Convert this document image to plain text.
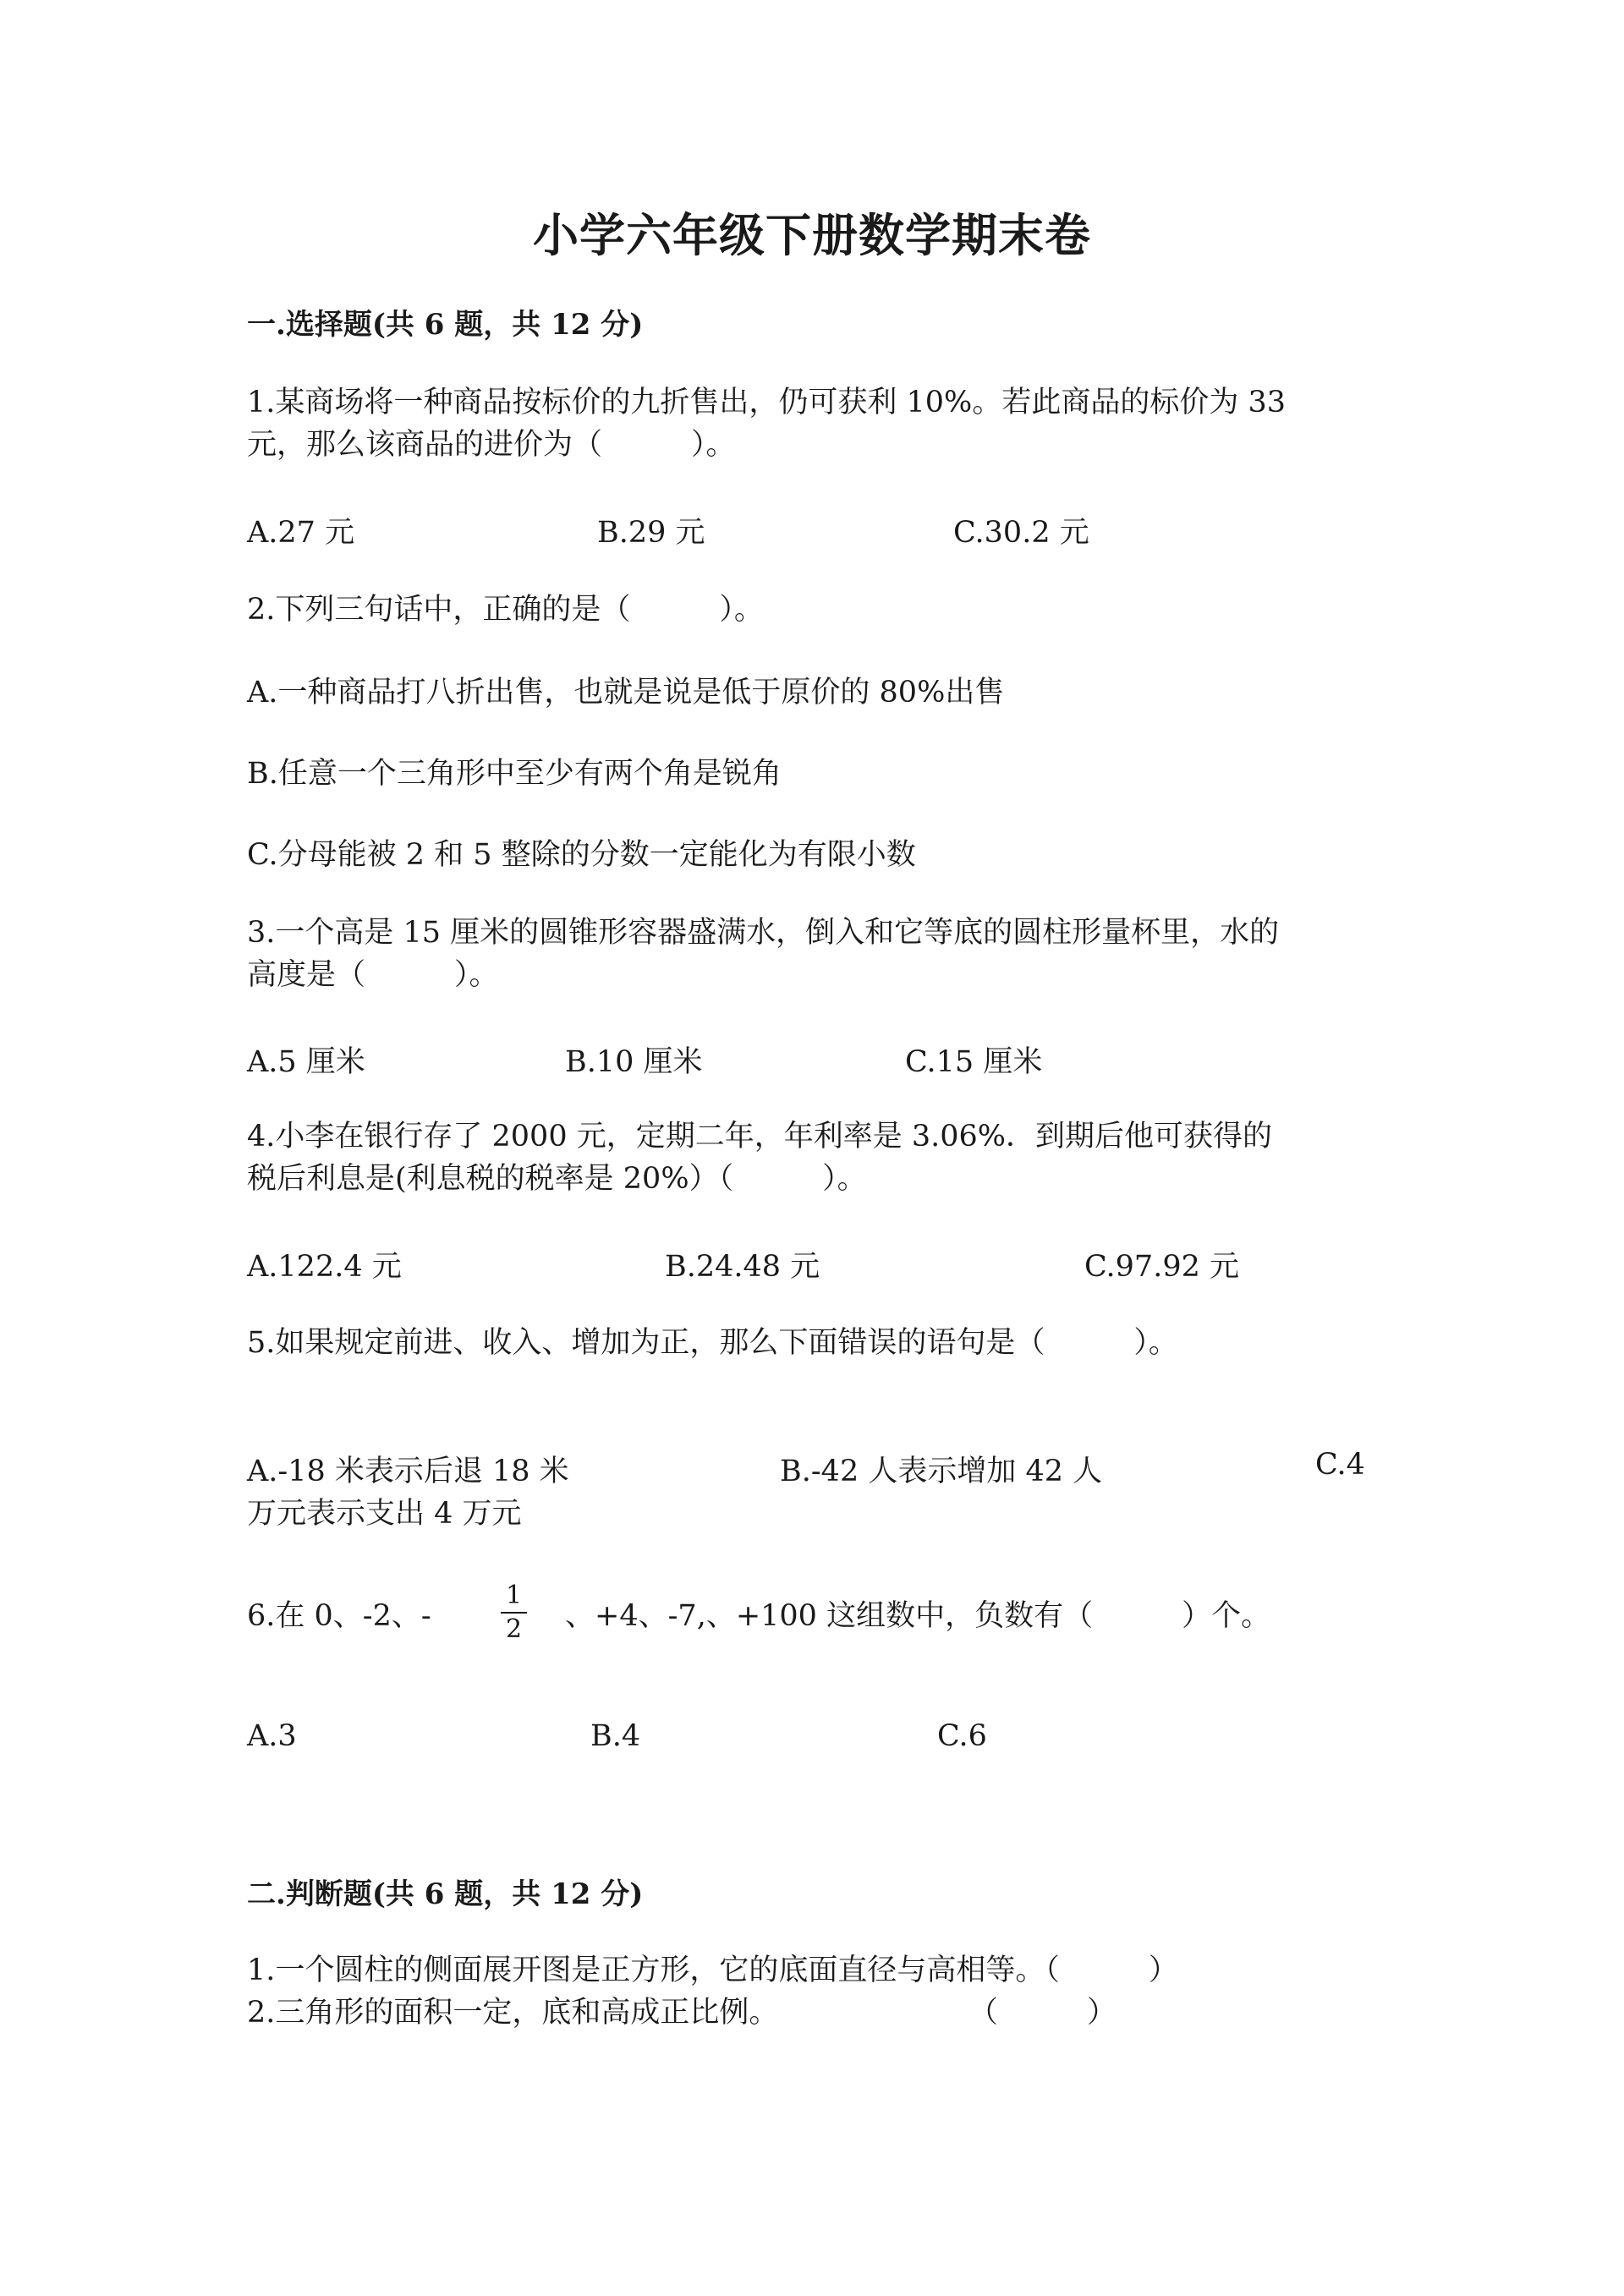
小学六年级下册数学期末卷
一.选择题(共 6 题，共 12 分)
1.某商场将一种商品按标价的九折售出，仍可获利 10%。若此商品的标价为 33
元，那么该商品的进价为（　　　）。
A.27 元	B.29 元	C.30.2 元
2.下列三句话中，正确的是（　　　）。
A.一种商品打八折出售，也就是说是低于原价的 80%出售
B.任意一个三角形中至少有两个角是锐角
C.分母能被 2 和 5 整除的分数一定能化为有限小数
3.一个高是 15 厘米的圆锥形容器盛满水，倒入和它等底的圆柱形量杯里，水的
高度是（　　　）。
A.5 厘米	B.10 厘米	C.15 厘米
4.小李在银行存了 2000 元，定期二年，年利率是 3.06%．到期后他可获得的
税后利息是(利息税的税率是 20%）（　　　）。
A.122.4 元	B.24.48 元	C.97.92 元
5.如果规定前进、收入、增加为正，那么下面错误的语句是（　　　）。
A.-18 米表示后退 18 米	B.-42 人表示增加 42 人	C.4
万元表示支出 4 万元
6.在 0、-2、-	$\frac{1}{2}$ 、+4、-7,、+100 这组数中，负数有（　　　）个。
A.3	B.4	C.6
二.判断题(共 6 题，共 12 分)
1.一个圆柱的侧面展开图是正方形，它的底面直径与高相等。（　　　）
2.三角形的面积一定，底和高成正比例。	（　　　）
